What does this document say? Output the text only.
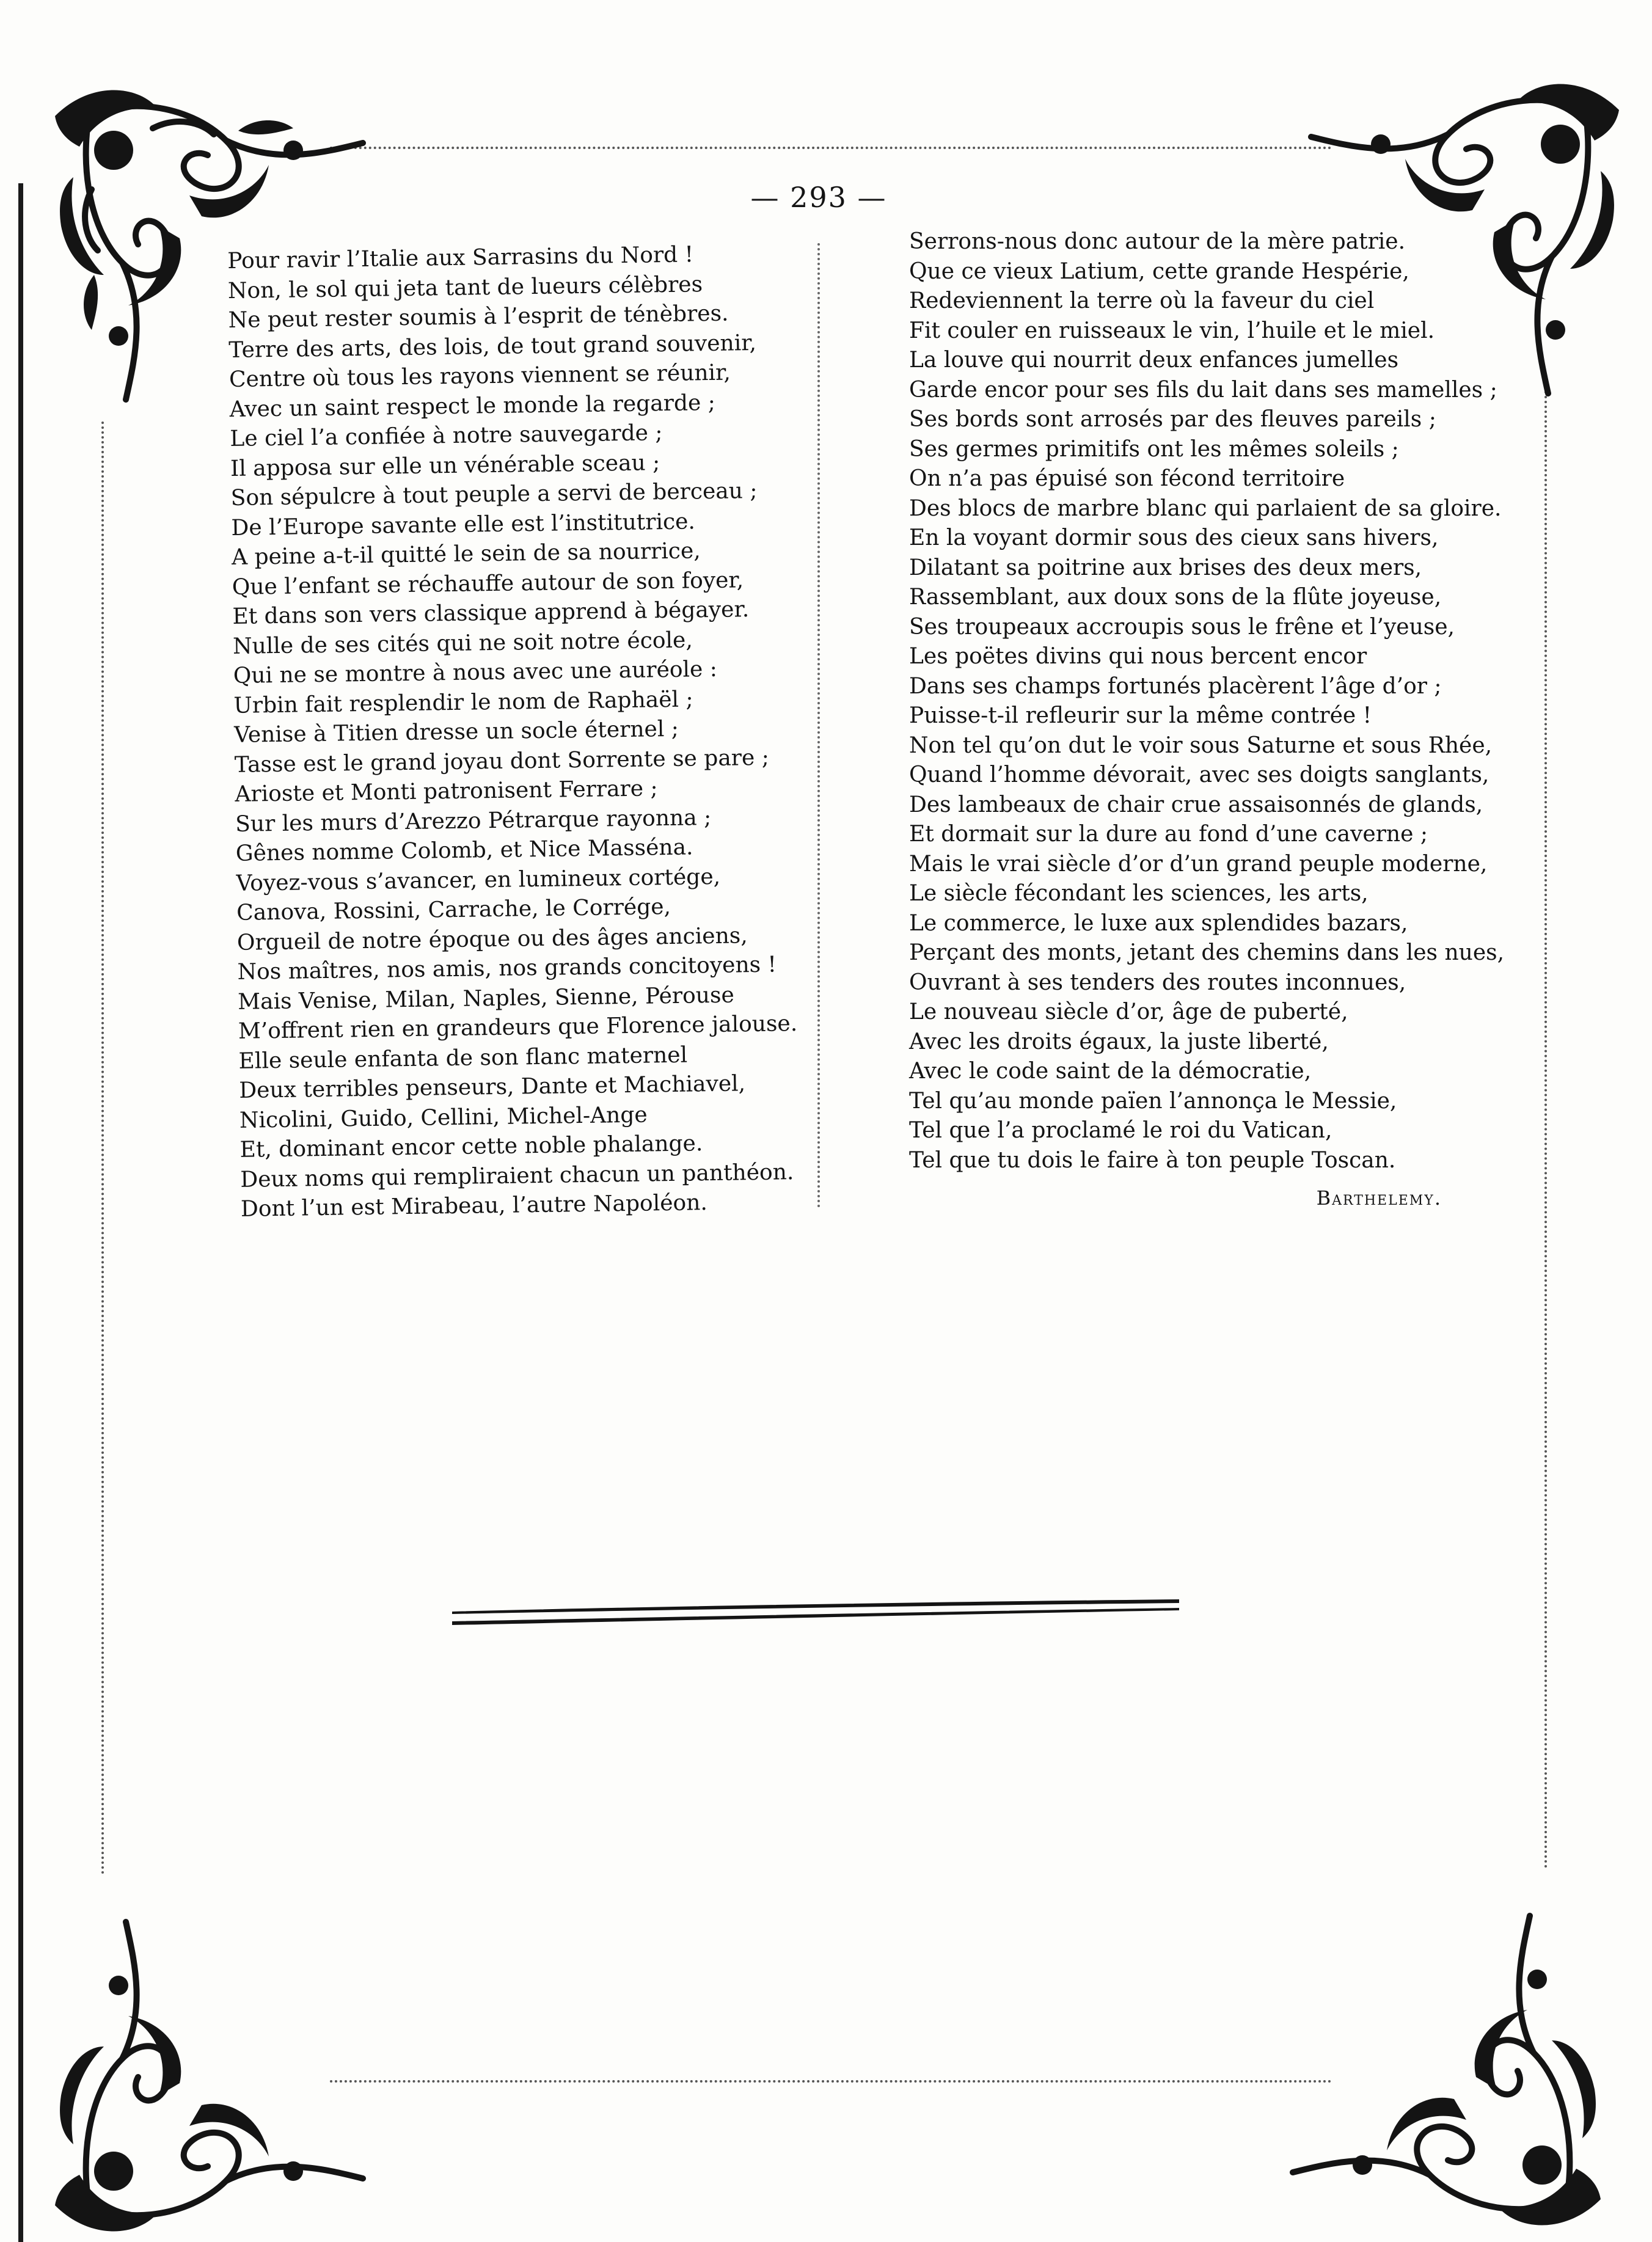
— 293 —
Pour ravir l’Italie aux Sarrasins du Nord !
Non, le sol qui jeta tant de lueurs célèbres
Ne peut rester soumis à l’esprit de ténèbres.
Terre des arts, des lois, de tout grand souvenir,
Centre où tous les rayons viennent se réunir,
Avec un saint respect le monde la regarde ;
Le ciel l’a confiée à notre sauvegarde ;
Il apposa sur elle un vénérable sceau ;
Son sépulcre à tout peuple a servi de berceau ;
De l’Europe savante elle est l’institutrice.
A peine a-t-il quitté le sein de sa nourrice,
Que l’enfant se réchauffe autour de son foyer,
Et dans son vers classique apprend à bégayer.
Nulle de ses cités qui ne soit notre école,
Qui ne se montre à nous avec une auréole :
Urbin fait resplendir le nom de Raphaël ;
Venise à Titien dresse un socle éternel ;
Tasse est le grand joyau dont Sorrente se pare ;
Arioste et Monti patronisent Ferrare ;
Sur les murs d’Arezzo Pétrarque rayonna ;
Gênes nomme Colomb, et Nice Masséna.
Voyez-vous s’avancer, en lumineux cortége,
Canova, Rossini, Carrache, le Corrége,
Orgueil de notre époque ou des âges anciens,
Nos maîtres, nos amis, nos grands concitoyens !
Mais Venise, Milan, Naples, Sienne, Pérouse
M’offrent rien en grandeurs que Florence jalouse.
Elle seule enfanta de son flanc maternel
Deux terribles penseurs, Dante et Machiavel,
Nicolini, Guido, Cellini, Michel-Ange
Et, dominant encor cette noble phalange.
Deux noms qui rempliraient chacun un panthéon.
Dont l’un est Mirabeau, l’autre Napoléon.
Serrons-nous donc autour de la mère patrie.
Que ce vieux Latium, cette grande Hespérie,
Redeviennent la terre où la faveur du ciel
Fit couler en ruisseaux le vin, l’huile et le miel.
La louve qui nourrit deux enfances jumelles
Garde encor pour ses fils du lait dans ses mamelles ;
Ses bords sont arrosés par des fleuves pareils ;
Ses germes primitifs ont les mêmes soleils ;
On n’a pas épuisé son fécond territoire
Des blocs de marbre blanc qui parlaient de sa gloire.
En la voyant dormir sous des cieux sans hivers,
Dilatant sa poitrine aux brises des deux mers,
Rassemblant, aux doux sons de la flûte joyeuse,
Ses troupeaux accroupis sous le frêne et l’yeuse,
Les poëtes divins qui nous bercent encor
Dans ses champs fortunés placèrent l’âge d’or ;
Puisse-t-il refleurir sur la même contrée !
Non tel qu’on dut le voir sous Saturne et sous Rhée,
Quand l’homme dévorait, avec ses doigts sanglants,
Des lambeaux de chair crue assaisonnés de glands,
Et dormait sur la dure au fond d’une caverne ;
Mais le vrai siècle d’or d’un grand peuple moderne,
Le siècle fécondant les sciences, les arts,
Le commerce, le luxe aux splendides bazars,
Perçant des monts, jetant des chemins dans les nues,
Ouvrant à ses tenders des routes inconnues,
Le nouveau siècle d’or, âge de puberté,
Avec les droits égaux, la juste liberté,
Avec le code saint de la démocratie,
Tel qu’au monde païen l’annonça le Messie,
Tel que l’a proclamé le roi du Vatican,
Tel que tu dois le faire à ton peuple Toscan.
Barthelemy.
